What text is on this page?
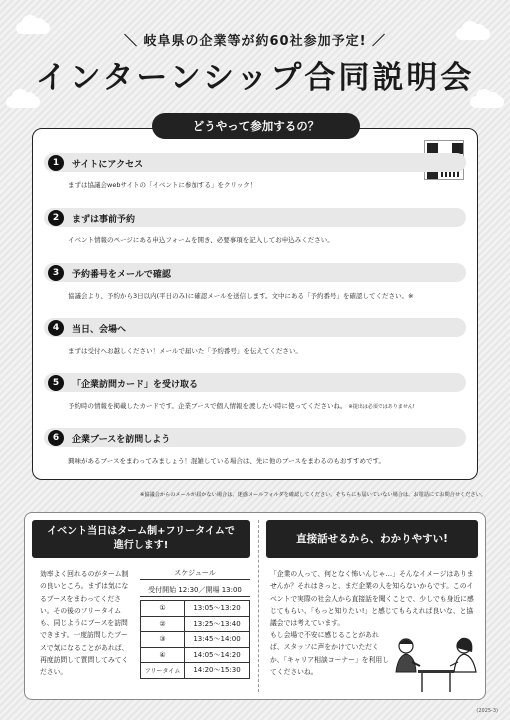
＼ 岐阜県の企業等が約60社参加予定! ／
インターンシップ合同説明会
どうやって参加するの？
1	サイトにアクセス
まずは協議会webサイトの「イベントに参加する」をクリック！
2	まずは事前予約
イベント情報のページにある申込フォームを開き、必要事項を記入してお申込みください。
3	予約番号をメールで確認
協議会より、予約から3日以内(平日のみ)に確認メールを送信します。文中にある「予約番号」を確認してください。※
4	当日、会場へ
まずは受付へお越しください！メールで届いた「予約番号」を伝えてください。
5	「企業訪問カード」を受け取る
予約時の情報を掲載したカードです。企業ブースで個人情報を渡したい時に使ってくださいね。 ※提出は必須ではありません!
6	企業ブースを訪問しよう
興味があるブースをまわってみましょう！混雑している場合は、先に他のブースをまわるのもおすすめです。
※協議会からのメールが届かない場合は、迷惑メールフォルダを確認してください。そちらにも届いていない場合は、お電話にてお問合せください。
イベント当日はターム制+フリータイムで
進行します!
効率よく回れるのがターム制の良いところ。まずは気になるブースをまわってください。その後のフリータイムも、同じようにブースを訪問できます。一度訪問したブースで気になることがあれば、再度訪問して質問してみてください。
スケジュール
受付開始 12:30／開場 13:00
①	13:05〜13:20
②	13:25〜13:40
③	13:45〜14:00
④	14:05〜14:20
フリータイム	14:20〜15:30
直接話せるから、わかりやすい!
「企業の人って、何となく怖いんじゃ…」そんなイメージはありませんか？それはきっと、まだ企業の人を知らないからです。このイベントで実際の社会人から直接話を聞くことで、少しでも身近に感じてもらい、「もっと知りたい!」と感じてもらえれば良いな、と協議会では考えています。
もし会場で不安に感じることがあれば、スタッフに声をかけていただくか、「キャリア相談コーナー」を利用してくださいね。
(2025-3)
